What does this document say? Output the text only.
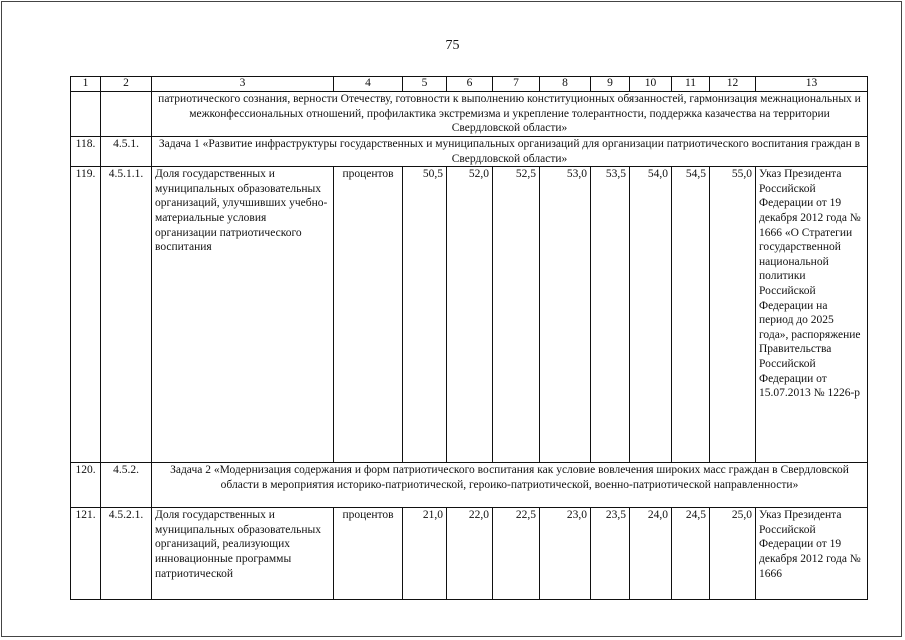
75
1	2	3	4	5	6	7	8	9	10	11	12	13
		патриотического сознания, верности Отечеству, готовности к выполнению конституционных обязанностей, гармонизация межнациональных и межконфессиональных отношений, профилактика экстремизма и укрепление толерантности, поддержка казачества на территории Свердловской области»										
118.	4.5.1.	Задача 1 «Развитие инфраструктуры государственных и муниципальных организаций для организации патриотического воспитания граждан в Свердловской области»										
119.	4.5.1.1.	Доля государственных и муниципальных образовательных организаций, улучшивших учебно-материальные условия организации патриотического воспитания	процентов	50,5	52,0	52,5	53,0	53,5	54,0	54,5	55,0	Указ Президента Российской Федерации от 19 декабря 2012 года № 1666 «О Стратегии государственной национальной политики Российской Федерации на период до 2025 года», распоряжение Правительства Российской Федерации от 15.07.2013 № 1226-р
120.	4.5.2.	Задача 2 «Модернизация содержания и форм патриотического воспитания как условие вовлечения широких масс граждан в Свердловской области в мероприятия историко-патриотической, героико-патриотической, военно-патриотической направленности»										
121.	4.5.2.1.	Доля государственных и муниципальных образовательных организаций, реализующих инновационные программы патриотической	процентов	21,0	22,0	22,5	23,0	23,5	24,0	24,5	25,0	Указ Президента Российской Федерации от 19 декабря 2012 года № 1666
